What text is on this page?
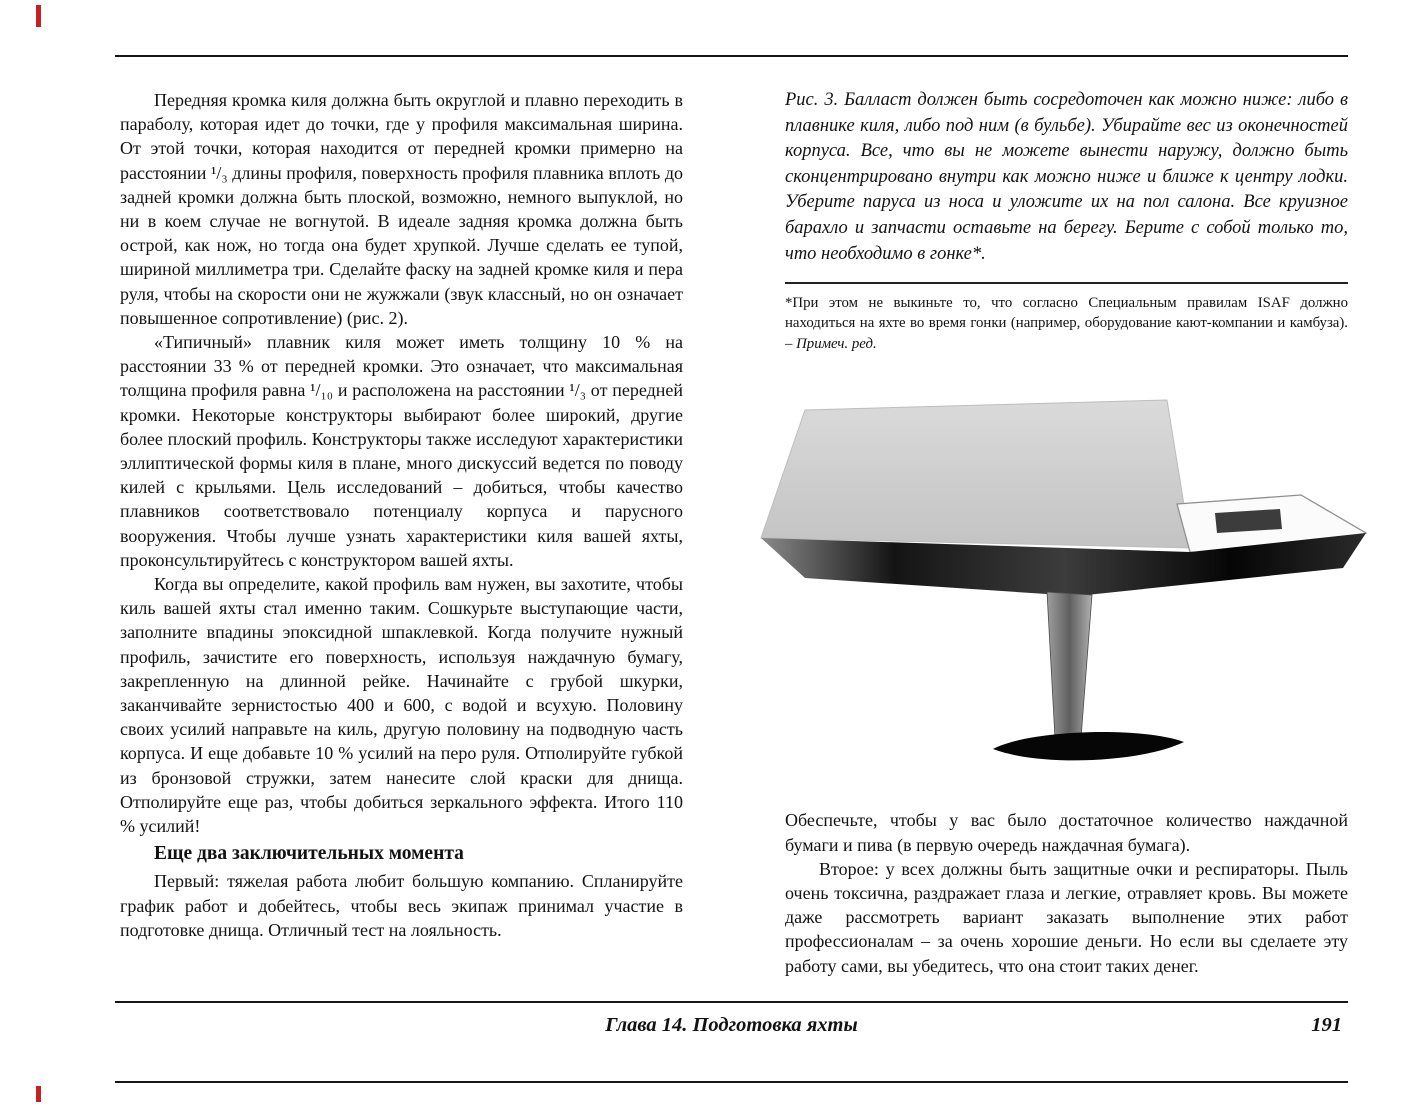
Передняя кромка киля должна быть округлой и плавно переходить в параболу, которая идет до точки, где у профиля максимальная ширина. От этой точки, которая находится от передней кромки примерно на расстоянии ¹/₃ длины профиля, поверхность профиля плавника вплоть до задней кромки должна быть плоской, возможно, немного выпуклой, но ни в коем случае не вогнутой. В идеале задняя кромка должна быть острой, как нож, но тогда она будет хрупкой. Лучше сделать ее тупой, шириной миллиметра три. Сделайте фаску на задней кромке киля и пера руля, чтобы на скорости они не жужжали (звук классный, но он означает повышенное сопротивление) (рис. 2).

«Типичный» плавник киля может иметь толщину 10 % на расстоянии 33 % от передней кромки. Это означает, что максимальная толщина профиля равна ¹/₁₀ и расположена на расстоянии ¹/₃ от передней кромки. Некоторые конструкторы выбирают более широкий, другие более плоский профиль. Конструкторы также исследуют характеристики эллиптической формы киля в плане, много дискуссий ведется по поводу килей с крыльями. Цель исследований – добиться, чтобы качество плавников соответствовало потенциалу корпуса и парусного вооружения. Чтобы лучше узнать характеристики киля вашей яхты, проконсультируйтесь с конструктором вашей яхты.

Когда вы определите, какой профиль вам нужен, вы захотите, чтобы киль вашей яхты стал именно таким. Сошкурьте выступающие части, заполните впадины эпоксидной шпаклевкой. Когда получите нужный профиль, зачистите его поверхность, используя наждачную бумагу, закрепленную на длинной рейке. Начинайте с грубой шкурки, заканчивайте зернистостью 400 и 600, с водой и всухую. Половину своих усилий направьте на киль, другую половину на подводную часть корпуса. И еще добавьте 10 % усилий на перо руля. Отполируйте губкой из бронзовой стружки, затем нанесите слой краски для днища. Отполируйте еще раз, чтобы добиться зеркального эффекта. Итого 110 % усилий!

Еще два заключительных момента

Первый: тяжелая работа любит большую компанию. Спланируйте график работ и добейтесь, чтобы весь экипаж принимал участие в подготовке днища. Отличный тест на лояльность.

Рис. 3. Балласт должен быть сосредоточен как можно ниже: либо в плавнике киля, либо под ним (в бульбе). Убирайте вес из оконечностей корпуса. Все, что вы не можете вынести наружу, должно быть сконцентрировано внутри как можно ниже и ближе к центру лодки. Уберите паруса из носа и уложите их на пол салона. Все круизное барахло и запчасти оставьте на берегу. Берите с собой только то, что необходимо в гонке*.

*При этом не выкиньте то, что согласно Специальным правилам ISAF должно находиться на яхте во время гонки (например, оборудование кают-компании и камбуза). – Примеч. ред.

Обеспечьте, чтобы у вас было достаточное количество наждачной бумаги и пива (в первую очередь наждачная бумага).

Второе: у всех должны быть защитные очки и респираторы. Пыль очень токсична, раздражает глаза и легкие, отравляет кровь. Вы можете даже рассмотреть вариант заказать выполнение этих работ профессионалам – за очень хорошие деньги. Но если вы сделаете эту работу сами, вы убедитесь, что она стоит таких денег.

Глава 14. Подготовка яхты	191
